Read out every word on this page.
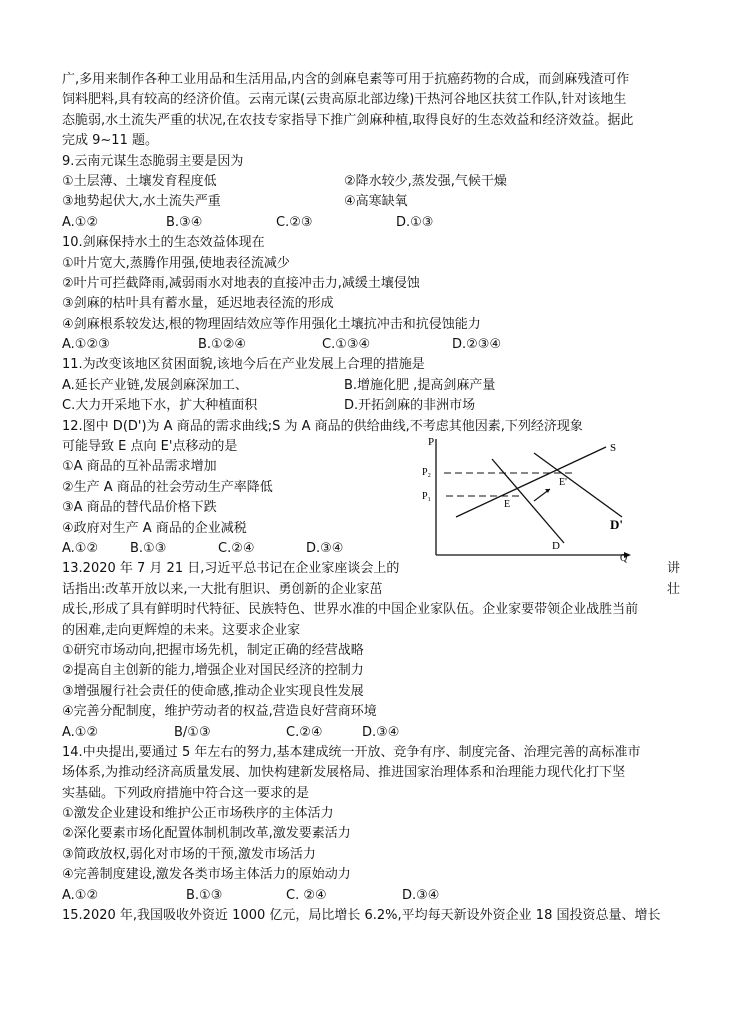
广,多用来制作各种工业用品和生活用品,内含的剑麻皂素等可用于抗癌药物的合成，而剑麻残渣可作
饲料肥料,具有较高的经济价值。云南元谋(云贵高原北部边缘)干热河谷地区扶贫工作队,针对该地生
态脆弱,水土流失严重的状况,在农技专家指导下推广剑麻种植,取得良好的生态效益和经济效益。据此
完成 9~11 题。
9.云南元谋生态脆弱主要是因为
①土层薄、土壤发育程度低	②降水较少,蒸发强,气候干燥
③地势起伏大,水土流失严重	④高寒缺氧
A.①②	B.③④	C.②③	D.①③
10.剑麻保持水土的生态效益体现在
①叶片宽大,蒸腾作用强,使地表径流减少
②叶片可拦截降雨,减弱雨水对地表的直接冲击力,减缓土壤侵蚀
③剑麻的枯叶具有蓄水量，延迟地表径流的形成
④剑麻根系较发达,根的物理固结效应等作用强化土壤抗冲击和抗侵蚀能力
A.①②③	B.①②④	C.①③④	D.②③④
11.为改变该地区贫困面貌,该地今后在产业发展上合理的措施是
A.延长产业链,发展剑麻深加工、	B.增施化肥 ,提高剑麻产量
C.大力开采地下水，扩大种植面积	D.开拓剑麻的非洲市场
12.图中 D(D')为 A 商品的需求曲线;S 为 A 商品的供给曲线,不考虑其他因素,下列经济现象
可能导致 E 点向 E'点移动的是
①A 商品的互补品需求增加
②生产 A 商品的社会劳动生产率降低
③A 商品的替代品价格下跌
④政府对生产 A 商品的企业减税
A.①②	B.①③	C.②④	D.③④
P
P₂
P₁
S
E
E'
D
D'
Q
13.2020 年 7 月 21 日,习近平总书记在企业家座谈会上的	讲
话指出:改革开放以来,一大批有胆识、勇创新的企业家茁	壮
成长,形成了具有鲜明时代特征、民族特色、世界水准的中国企业家队伍。企业家要带领企业战胜当前
的困难,走向更辉煌的未来。这要求企业家
①研究市场动向,把握市场先机，制定正确的经营战略
②提高自主创新的能力,增强企业对国民经济的控制力
③增强履行社会责任的使命感,推动企业实现良性发展
④完善分配制度，维护劳动者的权益,营造良好营商环境
A.①②	B/①③	C.②④	D.③④
14.中央提出,要通过 5 年左右的努力,基本建成统一开放、竞争有序、制度完备、治理完善的高标准市
场体系,为推动经济高质量发展、加快构建新发展格局、推进国家治理体系和治理能力现代化打下坚
实基础。下列政府措施中符合这一要求的是
①激发企业建设和维护公正市场秩序的主体活力
②深化要素市场化配置体制机制改革,激发要素活力
③简政放权,弱化对市场的干预,激发市场活力
④完善制度建设,激发各类市场主体活力的原始动力
A.①②	B.①③	C. ②④	D.③④
15.2020 年,我国吸收外资近 1000 亿元，局比增长 6.2%,平均每天新设外资企业 18 国投资总量、增长
